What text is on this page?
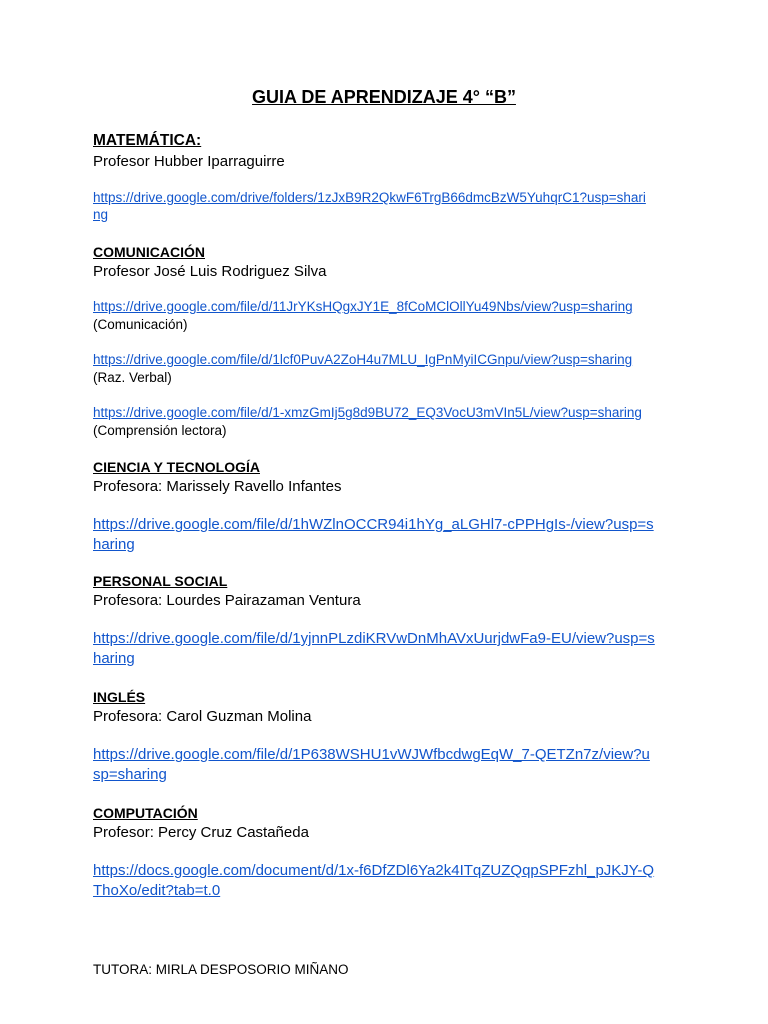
GUIA DE APRENDIZAJE 4° “B”
MATEMÁTICA:
Profesor Hubber Iparraguirre
https://drive.google.com/drive/folders/1zJxB9R2QkwF6TrgB66dmcBzW5YuhqrC1?usp=shari
ng
COMUNICACIÓN
Profesor José Luis Rodriguez Silva
https://drive.google.com/file/d/11JrYKsHQgxJY1E_8fCoMClOllYu49Nbs/view?usp=sharing
(Comunicación)
https://drive.google.com/file/d/1lcf0PuvA2ZoH4u7MLU_IgPnMyiICGnpu/view?usp=sharing
(Raz. Verbal)
https://drive.google.com/file/d/1-xmzGmIj5g8d9BU72_EQ3VocU3mVIn5L/view?usp=sharing
(Comprensión lectora)
CIENCIA Y TECNOLOGÍA
Profesora: Marissely Ravello Infantes
https://drive.google.com/file/d/1hWZlnOCCR94i1hYg_aLGHl7-cPPHgIs-/view?usp=s
haring
PERSONAL SOCIAL
Profesora: Lourdes Pairazaman Ventura
https://drive.google.com/file/d/1yjnnPLzdiKRVwDnMhAVxUurjdwFa9-EU/view?usp=s
haring
INGLÉS
Profesora: Carol Guzman Molina
https://drive.google.com/file/d/1P638WSHU1vWJWfbcdwgEqW_7-QETZn7z/view?u
sp=sharing
COMPUTACIÓN
Profesor: Percy Cruz Castañeda
https://docs.google.com/document/d/1x-f6DfZDl6Ya2k4ITqZUZQqpSPFzhl_pJKJY-Q
ThoXo/edit?tab=t.0
TUTORA: MIRLA DESPOSORIO MIÑANO
